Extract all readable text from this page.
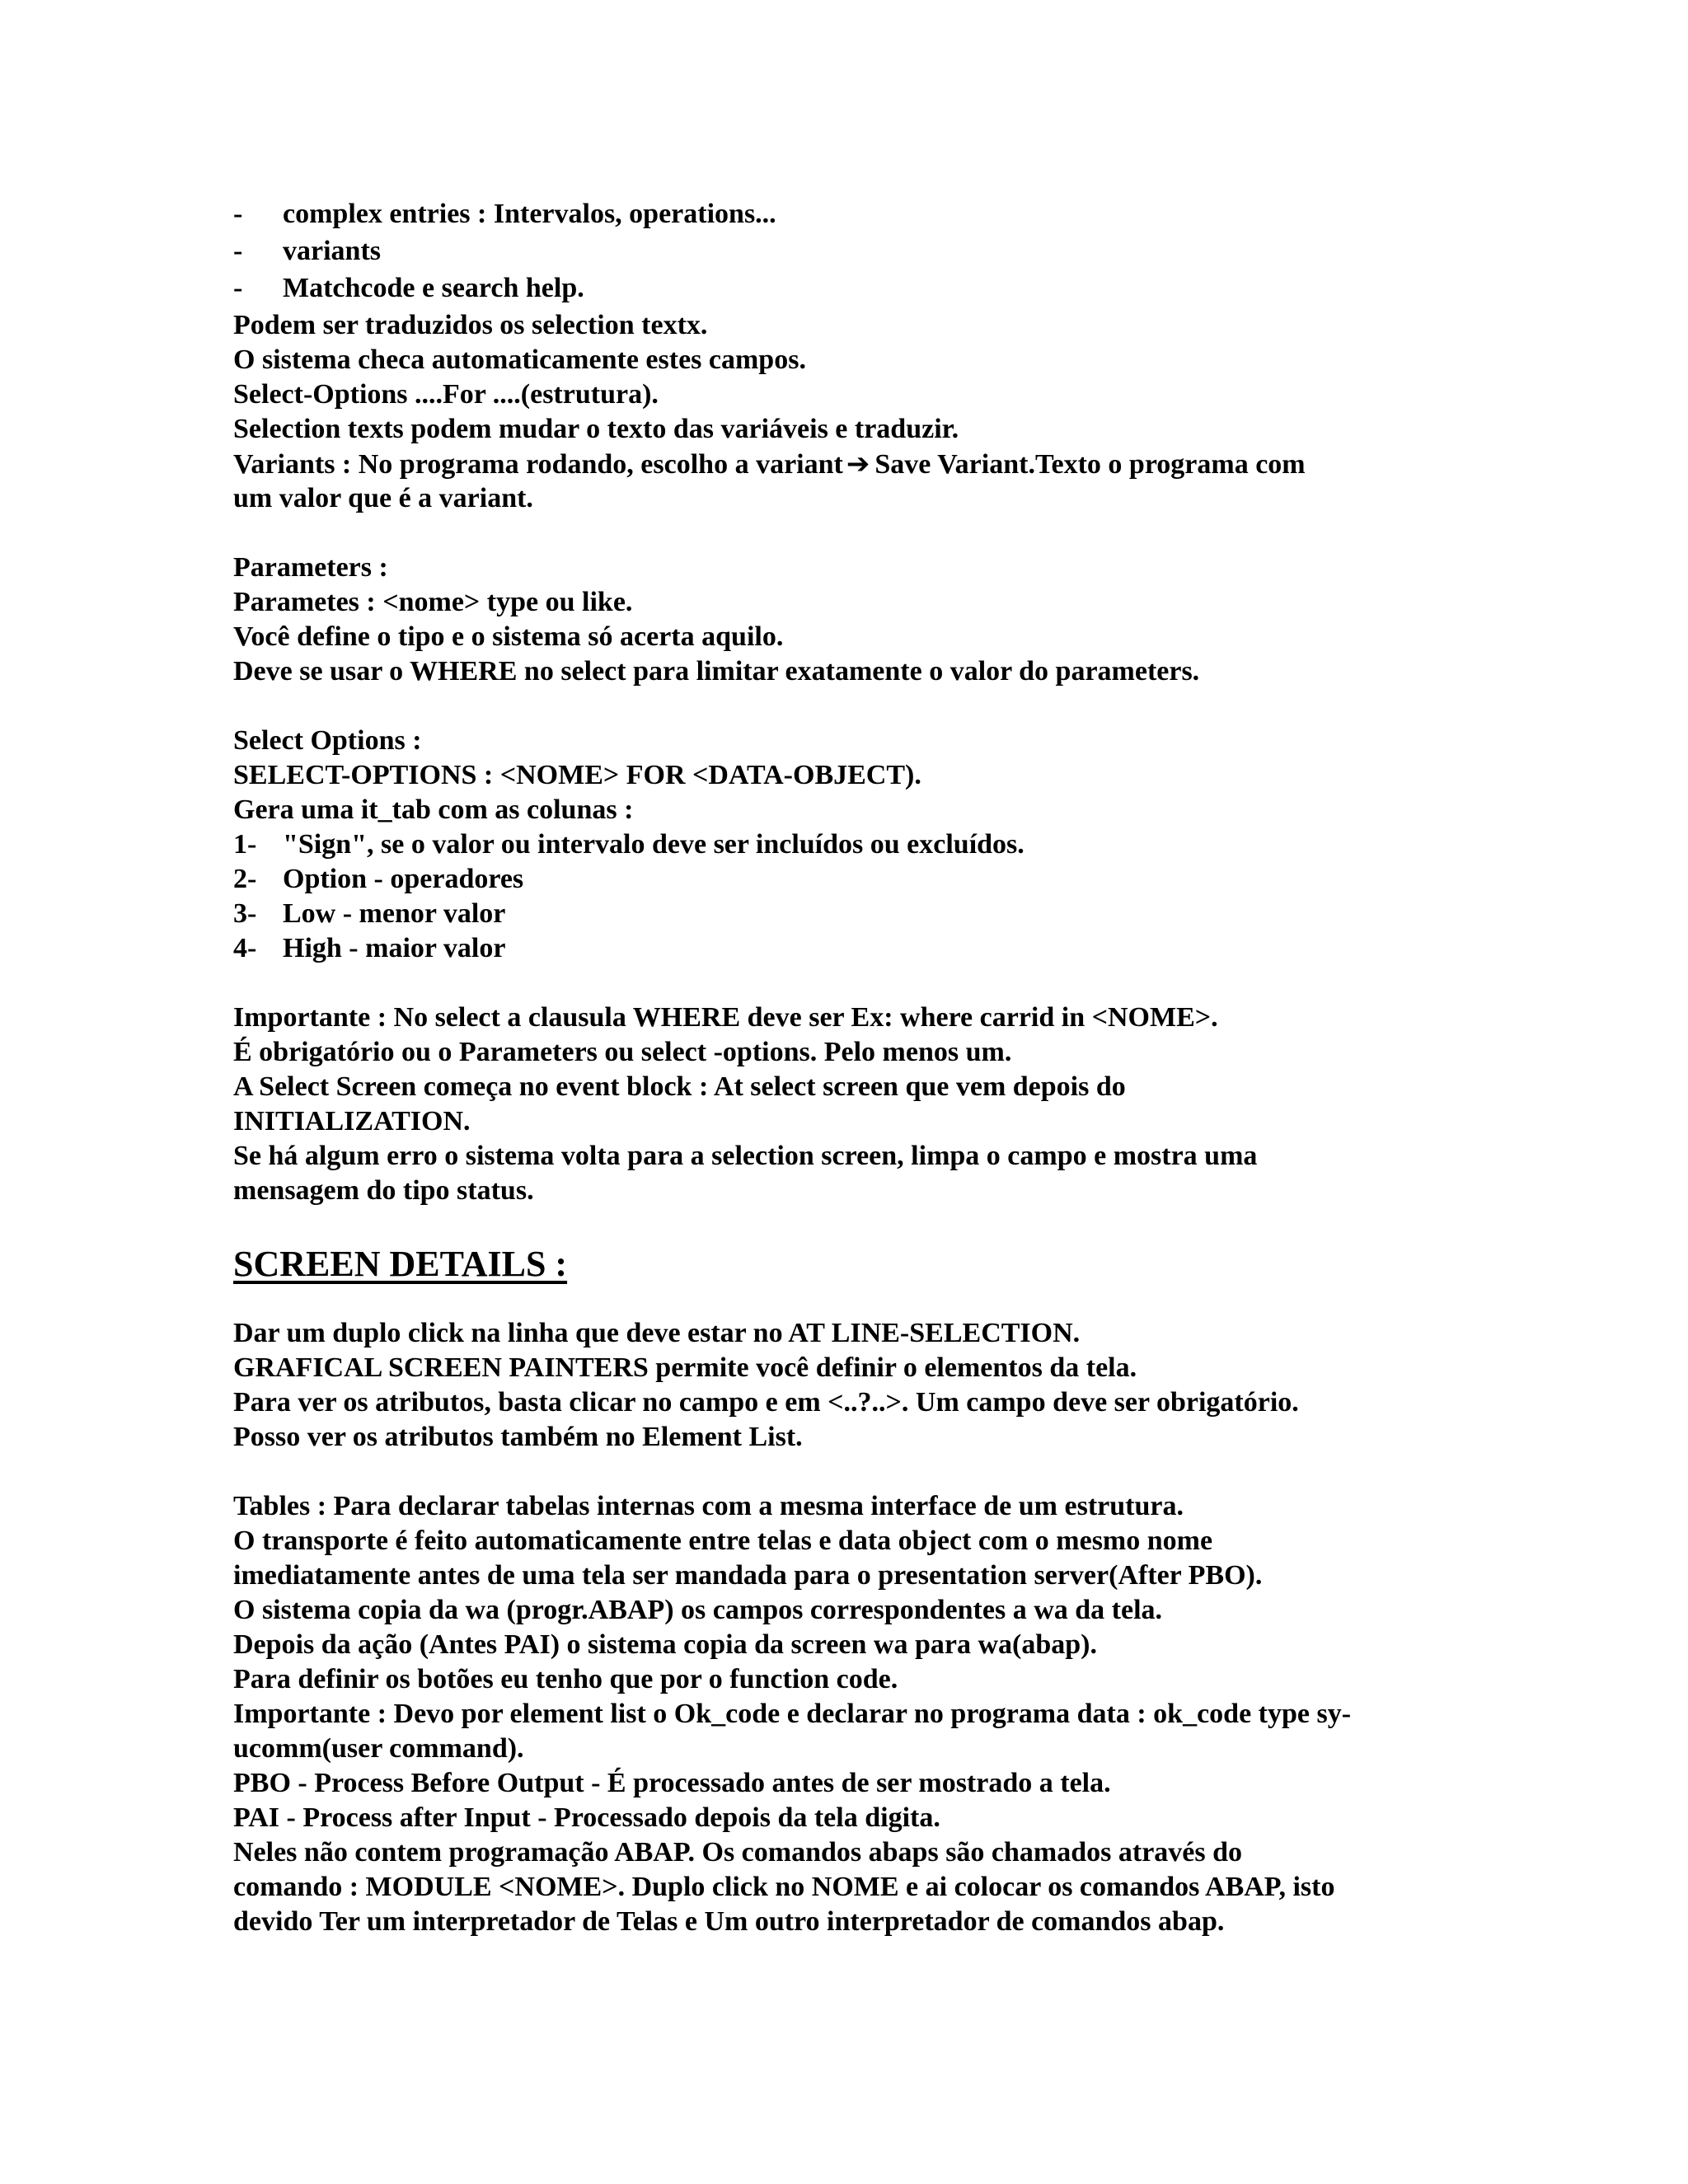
- complex entries : Intervalos, operations...
- variants
- Matchcode e search help.
Podem ser traduzidos os selection textx.
O sistema checa automaticamente estes campos.
Select-Options ....For ....(estrutura).
Selection texts podem mudar o texto das variáveis e traduzir.
Variants : No programa rodando, escolho a variant ➔ Save Variant.Texto o programa com
um valor que é a variant.
Parameters :
Parametes : <nome> type ou like.
Você define o tipo e o sistema só acerta aquilo.
Deve se usar o WHERE no select para limitar exatamente o valor do parameters.
Select Options :
SELECT-OPTIONS : <NOME> FOR <DATA-OBJECT).
Gera uma it_tab com as colunas :
1- "Sign", se o valor ou intervalo deve ser incluídos ou excluídos.
2- Option - operadores
3- Low - menor valor
4- High - maior valor
Importante : No select a clausula WHERE deve ser Ex: where carrid in <NOME>.
É obrigatório ou o Parameters ou select -options. Pelo menos um.
A Select Screen começa no event block : At select screen que vem depois do
INITIALIZATION.
Se há algum erro o sistema volta para a selection screen, limpa o campo e mostra uma
mensagem do tipo status.
SCREEN DETAILS :
Dar um duplo click na linha que deve estar no AT LINE-SELECTION.
GRAFICAL SCREEN PAINTERS permite você definir o elementos da tela.
Para ver os atributos, basta clicar no campo e em <..?..>. Um campo deve ser obrigatório.
Posso ver os atributos também no Element List.
Tables : Para declarar tabelas internas com a mesma interface de um estrutura.
O transporte é feito automaticamente entre telas e data object com o mesmo nome
imediatamente antes de uma tela ser mandada para o presentation server(After PBO).
O sistema copia da wa (progr.ABAP) os campos correspondentes a wa da tela.
Depois da ação (Antes PAI) o sistema copia da screen wa para wa(abap).
Para definir os botões eu tenho que por o function code.
Importante : Devo por element list o Ok_code e declarar no programa data : ok_code type sy-
ucomm(user command).
PBO - Process Before Output - É processado antes de ser mostrado a tela.
PAI - Process after Input - Processado depois da tela digita.
Neles não contem programação ABAP. Os comandos abaps são chamados através do
comando : MODULE <NOME>. Duplo click no NOME e ai colocar os comandos ABAP, isto
devido Ter um interpretador de Telas e Um outro interpretador de comandos abap.
